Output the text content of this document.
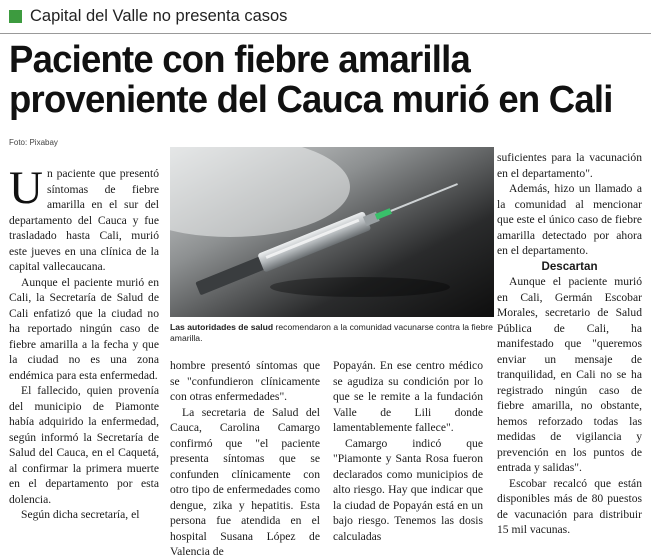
Capital del Valle no presenta casos
Paciente con fiebre amarilla
proveniente del Cauca murió en Cali
Foto: Pixabay

Un paciente que presentó síntomas de fiebre amarilla en el sur del departamento del Cauca y fue trasladado hasta Cali, murió este jueves en una clínica de la capital vallecaucana.

Aunque el paciente murió en Cali, la Secretaría de Salud de Cali enfatizó que la ciudad no ha reportado ningún caso de fiebre amarilla a la fecha y que la ciudad no es una zona endémica para esta enfermedad.

El fallecido, quien provenía del municipio de Piamonte había adquirido la enfermedad, según informó la Secretaría de Salud del Cauca, en el Caquetá, al confirmar la primera muerte en el departamento por esta dolencia.

Según dicha secretaría, el

Las autoridades de salud recomendaron a la comunidad vacunarse contra la fiebre amarilla.

hombre presentó síntomas que se "confundieron clínicamente con otras enfermedades".

La secretaria de Salud del Cauca, Carolina Camargo confirmó que "el paciente presenta síntomas que se confunden clínicamente con otro tipo de enfermedades como dengue, zika y hepatitis. Esta persona fue atendida en el hospital Susana López de Valencia de

Popayán. En ese centro médico se agudiza su condición por lo que se le remite a la fundación Valle de Lili donde lamentablemente fallece".

Camargo indicó que "Piamonte y Santa Rosa fueron declarados como municipios de alto riesgo. Hay que indicar que la ciudad de Popayán está en un bajo riesgo. Tenemos las dosis calculadas

suficientes para la vacunación en el departamento".

Además, hizo un llamado a la comunidad al mencionar que este el único caso de fiebre amarilla detectado por ahora en el departamento.

Descartan

Aunque el paciente murió en Cali, Germán Escobar Morales, secretario de Salud Pública de Cali, ha manifestado que "queremos enviar un mensaje de tranquilidad, en Cali no se ha registrado ningún caso de fiebre amarilla, no obstante, hemos reforzado todas las medidas de vigilancia y prevención en los puntos de entrada y salidas".

Escobar recalcó que están disponibles más de 80 puestos de vacunación para distribuir 15 mil vacunas.
